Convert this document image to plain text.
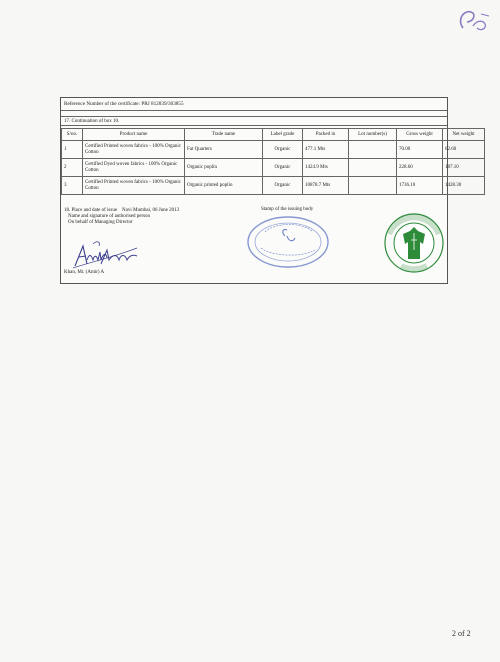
Reference Number of the certificate: PRJ 812839/303855
17. Continuation of box 10.
S/no.	Product name	Trade name	Label grade	Packed in	Lot number(s)	Gross weight	Net weight
1	Certified Printed woven fabrics - 100% Organic Cotton	Fat Quarters	Organic	477.1 Mts		70.00	62.60
2	Certified Dyed woven fabrics - 100% Organic Cotton	Organic poplin	Organic	1424.9 Mts		228.60	187.10
3	Certified Printed woven fabrics - 100% Organic Cotton	Organic printed poplin	Organic	10878.7 Mts		1736.10	1428.30
18. Place and date of issue Navi Mumbai, 06 June 2013
Name and signature of authorised person
On behalf of Managing Director
Stamp of the issuing body
Khan, Mr. (Amir) A
2 of 2
